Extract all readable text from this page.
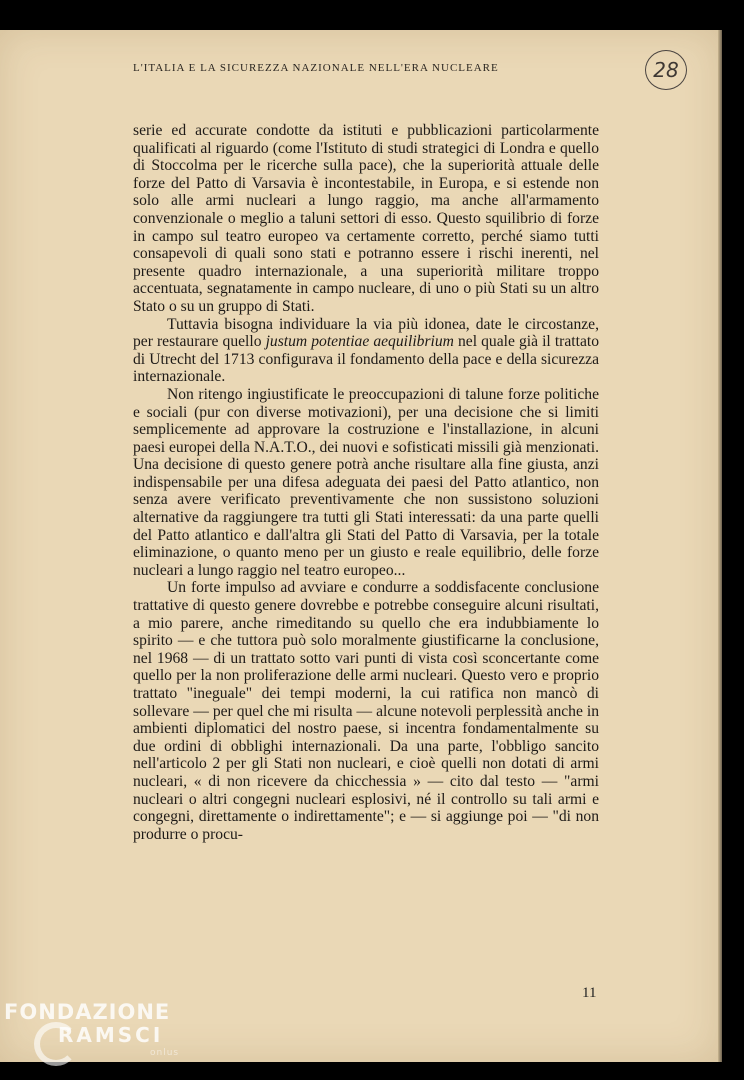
L'ITALIA E LA SICUREZZA NAZIONALE NELL'ERA NUCLEARE	28

serie ed accurate condotte da istituti e pubblicazioni particolarmente qualificati al riguardo (come l'Istituto di studi strategici di Londra e quello di Stoccolma per le ricerche sulla pace), che la superiorità attuale delle forze del Patto di Varsavia è incontestabile, in Europa, e si estende non solo alle armi nucleari a lungo raggio, ma anche all'armamento convenzionale o meglio a taluni settori di esso. Questo squilibrio di forze in campo sul teatro europeo va certamente corretto, perché siamo tutti consapevoli di quali sono stati e potranno essere i rischi inerenti, nel presente quadro internazionale, a una superiorità militare troppo accentuata, segnatamente in campo nucleare, di uno o più Stati su un altro Stato o su un gruppo di Stati.

Tuttavia bisogna individuare la via più idonea, date le circostanze, per restaurare quello justum potentiae aequilibrium nel quale già il trattato di Utrecht del 1713 configurava il fondamento della pace e della sicurezza internazionale.

Non ritengo ingiustificate le preoccupazioni di talune forze politiche e sociali (pur con diverse motivazioni), per una decisione che si limiti semplicemente ad approvare la costruzione e l'installazione, in alcuni paesi europei della N.A.T.O., dei nuovi e sofisticati missili già menzionati. Una decisione di questo genere potrà anche risultare alla fine giusta, anzi indispensabile per una difesa adeguata dei paesi del Patto atlantico, non senza avere verificato preventivamente che non sussistono soluzioni alternative da raggiungere tra tutti gli Stati interessati: da una parte quelli del Patto atlantico e dall'altra gli Stati del Patto di Varsavia, per la totale eliminazione, o quanto meno per un giusto e reale equilibrio, delle forze nucleari a lungo raggio nel teatro europeo...

Un forte impulso ad avviare e condurre a soddisfacente conclusione trattative di questo genere dovrebbe e potrebbe conseguire alcuni risultati, a mio parere, anche rimeditando su quello che era indubbiamente lo spirito — e che tuttora può solo moralmente giustificarne la conclusione, nel 1968 — di un trattato sotto vari punti di vista così sconcertante come quello per la non proliferazione delle armi nucleari. Questo vero e proprio trattato "ineguale" dei tempi moderni, la cui ratifica non mancò di sollevare — per quel che mi risulta — alcune notevoli perplessità anche in ambienti diplomatici del nostro paese, si incentra fondamentalmente su due ordini di obblighi internazionali. Da una parte, l'obbligo sancito nell'articolo 2 per gli Stati non nucleari, e cioè quelli non dotati di armi nucleari, « di non ricevere da chicchessia » — cito dal testo — "armi nucleari o altri congegni nucleari esplosivi, né il controllo su tali armi e congegni, direttamente o indirettamente"; e — si aggiunge poi — "di non produrre o procu-

11
FONDAZIONE
RAMSCI
onlus
